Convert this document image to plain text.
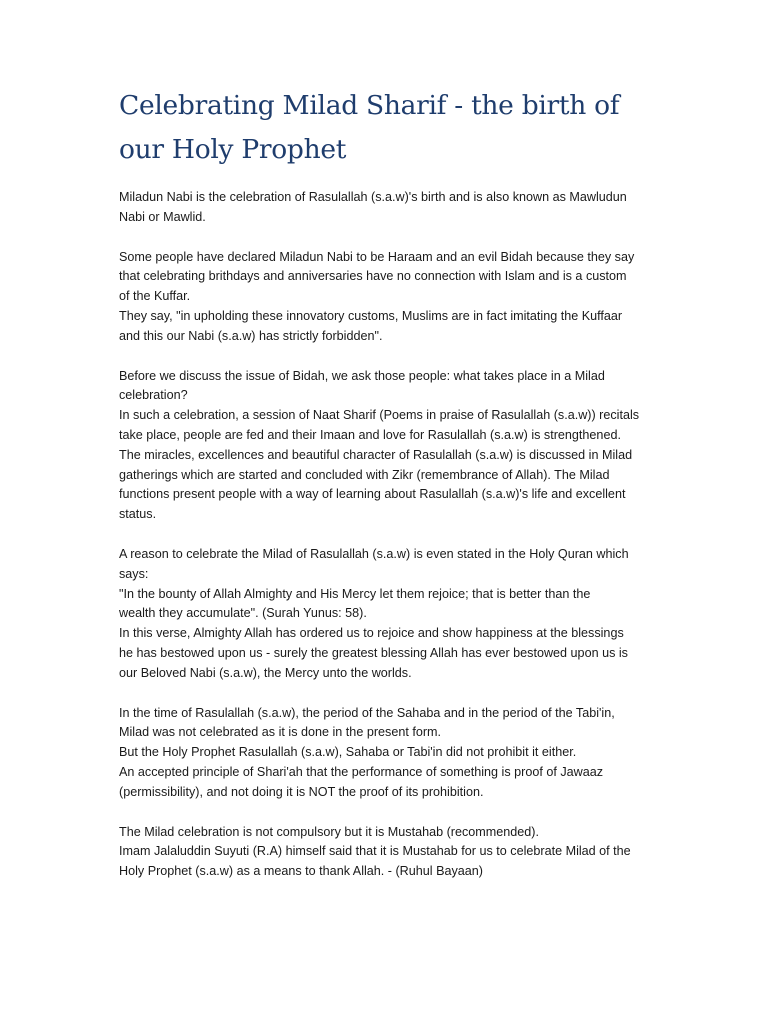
Celebrating Milad Sharif - the birth of
our Holy Prophet

Miladun Nabi is the celebration of Rasulallah (s.a.w)'s birth and is also known as Mawludun
Nabi or Mawlid.

Some people have declared Miladun Nabi to be Haraam and an evil Bidah because they say
that celebrating brithdays and anniversaries have no connection with Islam and is a custom
of the Kuffar.
They say, "in upholding these innovatory customs, Muslims are in fact imitating the Kuffaar
and this our Nabi (s.a.w) has strictly forbidden".

Before we discuss the issue of Bidah, we ask those people: what takes place in a Milad
celebration?
In such a celebration, a session of Naat Sharif (Poems in praise of Rasulallah (s.a.w)) recitals
take place, people are fed and their Imaan and love for Rasulallah (s.a.w) is strengthened.
The miracles, excellences and beautiful character of Rasulallah (s.a.w) is discussed in Milad
gatherings which are started and concluded with Zikr (remembrance of Allah). The Milad
functions present people with a way of learning about Rasulallah (s.a.w)'s life and excellent
status.

A reason to celebrate the Milad of Rasulallah (s.a.w) is even stated in the Holy Quran which
says:
"In the bounty of Allah Almighty and His Mercy let them rejoice; that is better than the
wealth they accumulate". (Surah Yunus: 58).
In this verse, Almighty Allah has ordered us to rejoice and show happiness at the blessings
he has bestowed upon us - surely the greatest blessing Allah has ever bestowed upon us is
our Beloved Nabi (s.a.w), the Mercy unto the worlds.

In the time of Rasulallah (s.a.w), the period of the Sahaba and in the period of the Tabi'in,
Milad was not celebrated as it is done in the present form.
But the Holy Prophet Rasulallah (s.a.w), Sahaba or Tabi'in did not prohibit it either.
An accepted principle of Shari'ah that the performance of something is proof of Jawaaz
(permissibility), and not doing it is NOT the proof of its prohibition.

The Milad celebration is not compulsory but it is Mustahab (recommended).
Imam Jalaluddin Suyuti (R.A) himself said that it is Mustahab for us to celebrate Milad of the
Holy Prophet (s.a.w) as a means to thank Allah. - (Ruhul Bayaan)
